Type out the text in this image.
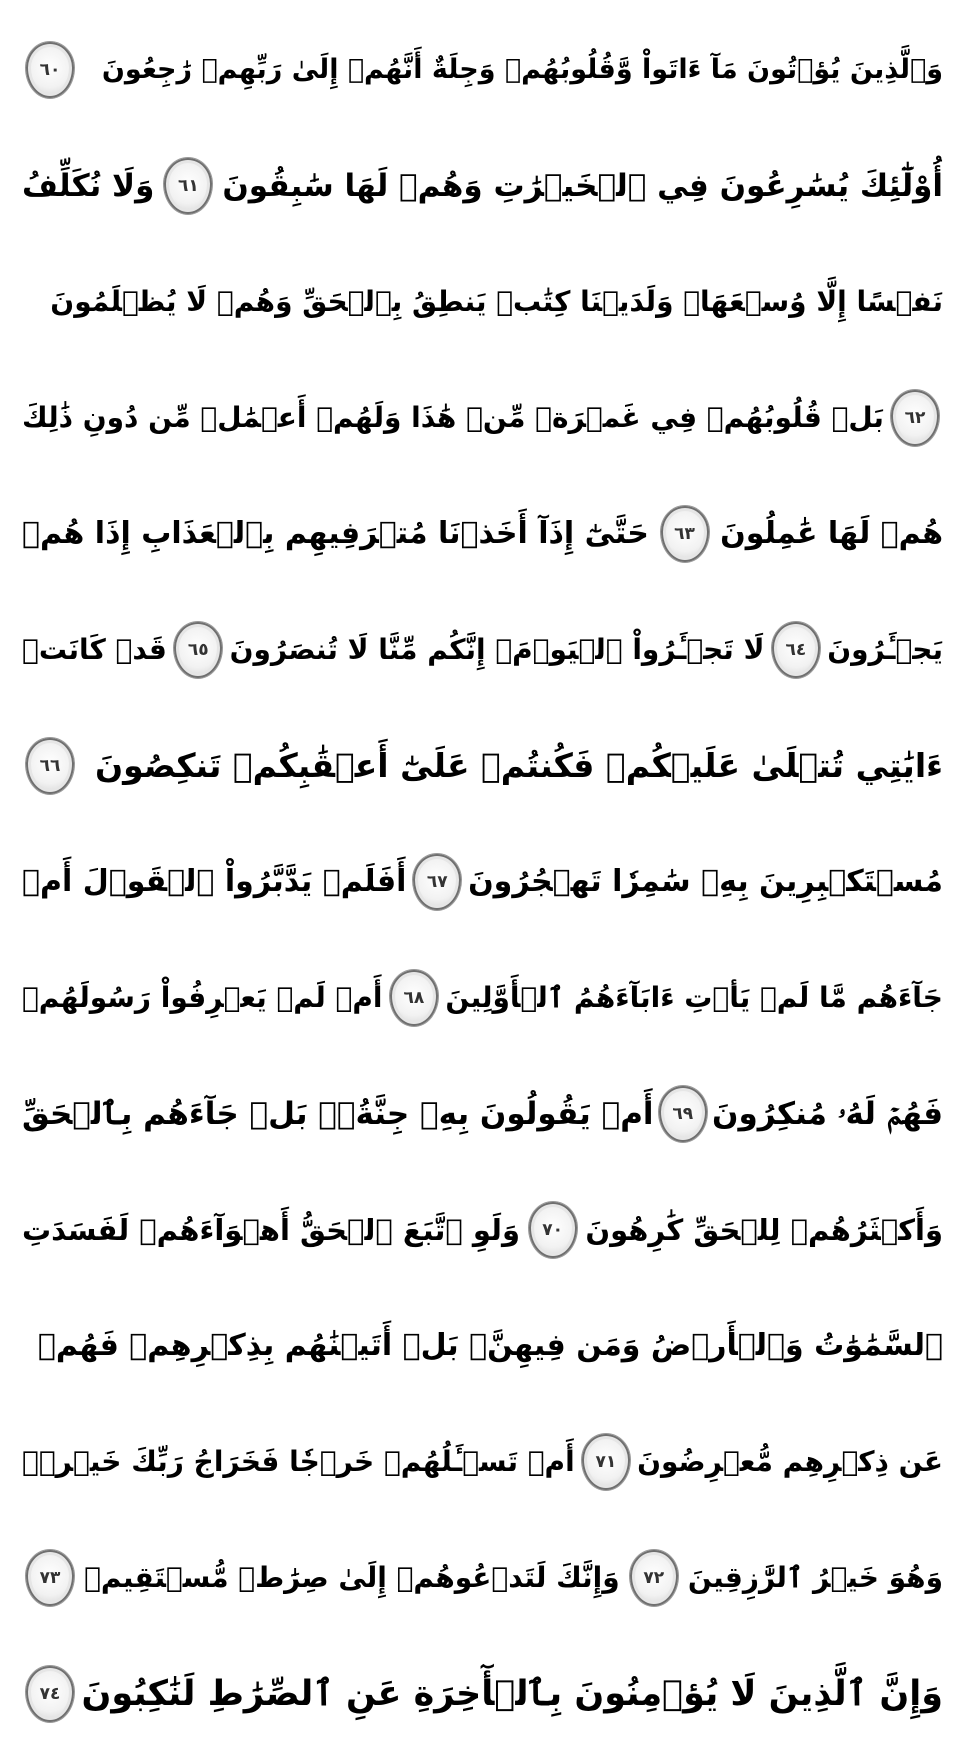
وَٱلَّذِينَ يُؤۡتُونَ مَآ ءَاتَواْ وَّقُلُوبُهُمۡ وَجِلَةٌ أَنَّهُمۡ إِلَىٰ رَبِّهِمۡ رَٰجِعُونَ
٦٠
أُوْلَٰٓئِكَ يُسَٰرِعُونَ فِي ٱلۡخَيۡرَٰتِ وَهُمۡ لَهَا سَٰبِقُونَ
٦١
وَلَا نُكَلِّفُ
نَفۡسًا إِلَّا وُسۡعَهَاۚ وَلَدَيۡنَا كِتَٰبٞ يَنطِقُ بِٱلۡحَقِّ وَهُمۡ لَا يُظۡلَمُونَ
٦٢
بَلۡ قُلُوبُهُمۡ فِي غَمۡرَةٖ مِّنۡ هَٰذَا وَلَهُمۡ أَعۡمَٰلٞ مِّن دُونِ ذَٰلِكَ
هُمۡ لَهَا عَٰمِلُونَ
٦٣
حَتَّىٰٓ إِذَآ أَخَذۡنَا مُتۡرَفِيهِم بِٱلۡعَذَابِ إِذَا هُمۡ
يَجۡـَٔرُونَ
٦٤
لَا تَجۡـَٔرُواْ ٱلۡيَوۡمَۖ إِنَّكُم مِّنَّا لَا تُنصَرُونَ
٦٥
قَدۡ كَانَتۡ
ءَايَٰتِي تُتۡلَىٰ عَلَيۡكُمۡ فَكُنتُمۡ عَلَىٰٓ أَعۡقَٰبِكُمۡ تَنكِصُونَ
٦٦
مُسۡتَكۡبِرِينَ بِهِۦ سَٰمِرٗا تَهۡجُرُونَ
٦٧
أَفَلَمۡ يَدَّبَّرُواْ ٱلۡقَوۡلَ أَمۡ
جَآءَهُم مَّا لَمۡ يَأۡتِ ءَابَآءَهُمُ ٱلۡأَوَّلِينَ
٦٨
أَمۡ لَمۡ يَعۡرِفُواْ رَسُولَهُمۡ
فَهُمۡ لَهُۥ مُنكِرُونَ
٦٩
أَمۡ يَقُولُونَ بِهِۦ جِنَّةُۢۚ بَلۡ جَآءَهُم بِٱلۡحَقِّ
وَأَكۡثَرُهُمۡ لِلۡحَقِّ كَٰرِهُونَ
٧٠
وَلَوِ ٱتَّبَعَ ٱلۡحَقُّ أَهۡوَآءَهُمۡ لَفَسَدَتِ
ٱلسَّمَٰوَٰتُ وَٱلۡأَرۡضُ وَمَن فِيهِنَّۚ بَلۡ أَتَيۡنَٰهُم بِذِكۡرِهِمۡ فَهُمۡ
عَن ذِكۡرِهِم مُّعۡرِضُونَ
٧١
أَمۡ تَسۡـَٔلُهُمۡ خَرۡجٗا فَخَرَاجُ رَبِّكَ خَيۡرٞۖ
وَهُوَ خَيۡرُ ٱلرَّٰزِقِينَ
٧٢
وَإِنَّكَ لَتَدۡعُوهُمۡ إِلَىٰ صِرَٰطٖ مُّسۡتَقِيمٖ
٧٣
وَإِنَّ ٱلَّذِينَ لَا يُؤۡمِنُونَ بِٱلۡأٓخِرَةِ عَنِ ٱلصِّرَٰطِ لَنَٰكِبُونَ
٧٤
